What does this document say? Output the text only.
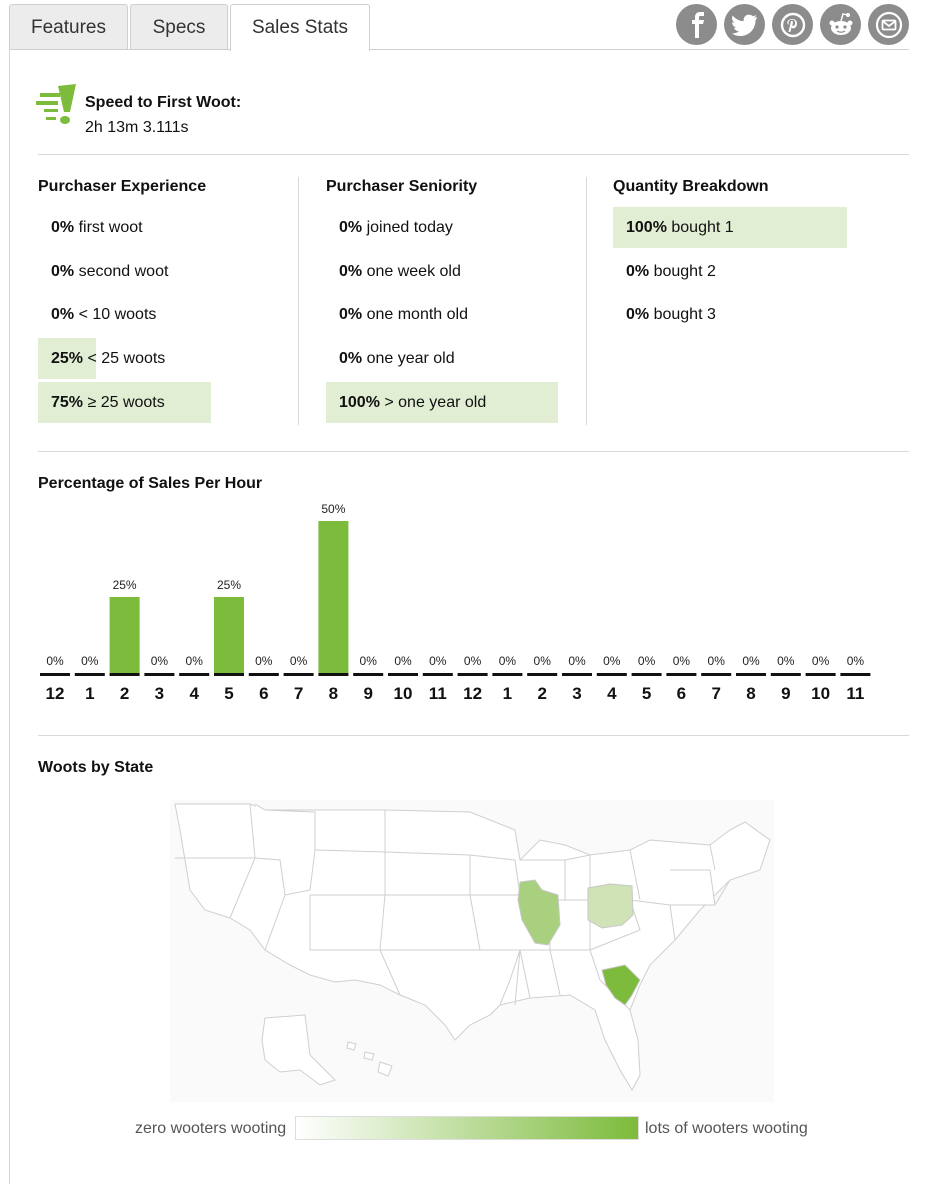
Features Specs Sales Stats
Speed to First Woot:
2h 13m 3.111s
Purchaser Experience
0% first woot
0% second woot
0% < 10 woots
25% < 25 woots
75% ≥ 25 woots
Purchaser Seniority
0% joined today
0% one week old
0% one month old
0% one year old
100% > one year old
Quantity Breakdown
100% bought 1
0% bought 2
0% bought 3
Percentage of Sales Per Hour
0%
12
0%
1
25%
2
0%
3
0%
4
25%
5
0%
6
0%
7
50%
8
0%
9
0%
10
0%
11
0%
12
0%
1
0%
2
0%
3
0%
4
0%
5
0%
6
0%
7
0%
8
0%
9
0%
10
0%
11
Woots by State
zero wooters wooting	lots of wooters wooting
